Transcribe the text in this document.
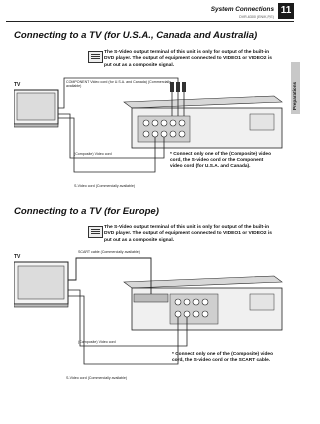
System Connections 11
DVR-6300 (EN/K,P,E)
Preparations
Connecting to a TV (for U.S.A., Canada and Australia)
The S-Video output terminal of this unit is only for output of the built-in DVD player. The output of equipment connected to VIDEO1 or VIDEO2 is put out as a composite signal.
TV	COMPONENT Video cord (for U.S.A. and Canada) (Commercially available)
(Composite) Video cord
S-Video cord (Commercially available)
* Connect only one of the (Composite) video cord, the S-video cord or the Component video cord (for U.S.A. and Canada).
Connecting to a TV (for Europe)
The S-Video output terminal of this unit is only for output of the built-in DVD player. The output of equipment connected to VIDEO1 or VIDEO2 is put out as a composite signal.
TV
SCART cable (Commercially available)
(Composite) Video cord
S-Video cord (Commercially available)
* Connect only one of the (Composite) video cord, the S-video cord or the SCART cable.
